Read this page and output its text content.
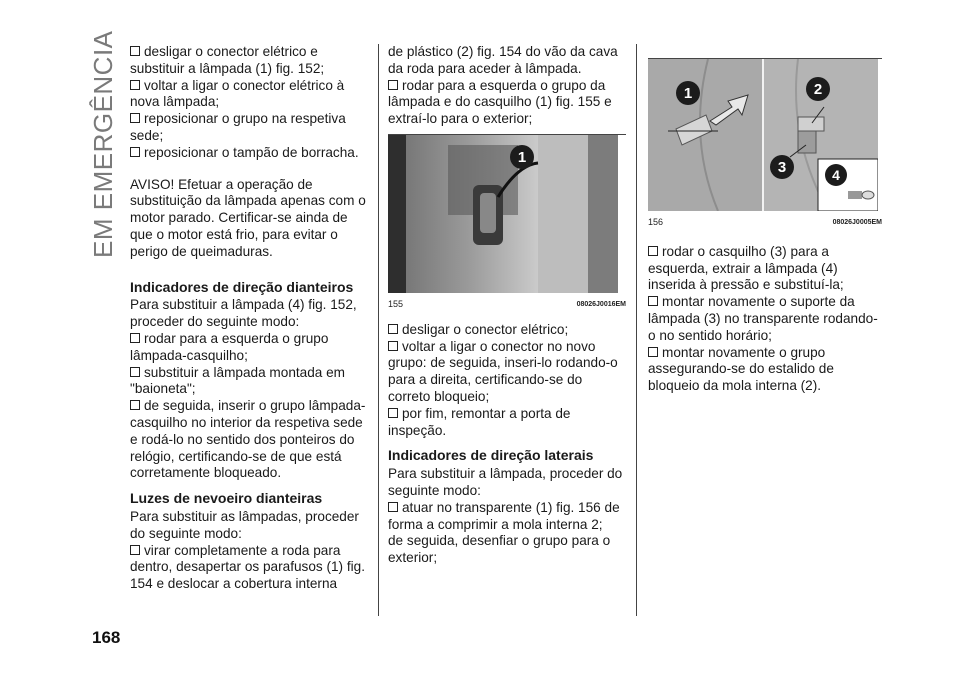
EM EMERGÊNCIA	desligar o conector elétrico e substituir a lâmpada (1) fig. 152;

voltar a ligar o conector elétrico à nova lâmpada;

reposicionar o grupo na respetiva sede;

reposicionar o tampão de borracha.

AVISO! Efetuar a operação de substituição da lâmpada apenas com o motor parado. Certificar-se ainda de que o motor está frio, para evitar o perigo de queimaduras.

Indicadores de direção dianteiros

Para substituir a lâmpada (4) fig. 152, proceder do seguinte modo:

rodar para a esquerda o grupo lâmpada-casquilho;

substituir a lâmpada montada em "baioneta";

de seguida, inserir o grupo lâmpada-casquilho no interior da respetiva sede e rodá-lo no sentido dos ponteiros do relógio, certificando-se de que está corretamente bloqueado.

Luzes de nevoeiro dianteiras

Para substituir as lâmpadas, proceder do seguinte modo:

virar completamente a roda para dentro, desapertar os parafusos (1) fig. 154 e deslocar a cobertura interna

de plástico (2) fig. 154 do vão da cava da roda para aceder à lâmpada.

rodar para a esquerda o grupo da lâmpada e do casquilho (1) fig. 155 e extraí-lo para o exterior;

1
155	08026J0016EM

desligar o conector elétrico;

voltar a ligar o conector no novo grupo: de seguida, inseri-lo rodando-o para a direita, certificando-se do correto bloqueio;

por fim, remontar a porta de inspeção.

Indicadores de direção laterais

Para substituir a lâmpada, proceder do seguinte modo:

atuar no transparente (1) fig. 156 de forma a comprimir a mola interna 2;

de seguida, desenfiar o grupo para o exterior;

1	2
3	4
156	08026J0005EM

rodar o casquilho (3) para a esquerda, extrair a lâmpada (4) inserida à pressão e substituí-la;

montar novamente o suporte da lâmpada (3) no transparente rodando-o no sentido horário;

montar novamente o grupo assegurando-se do estalido de bloqueio da mola interna (2).

168
